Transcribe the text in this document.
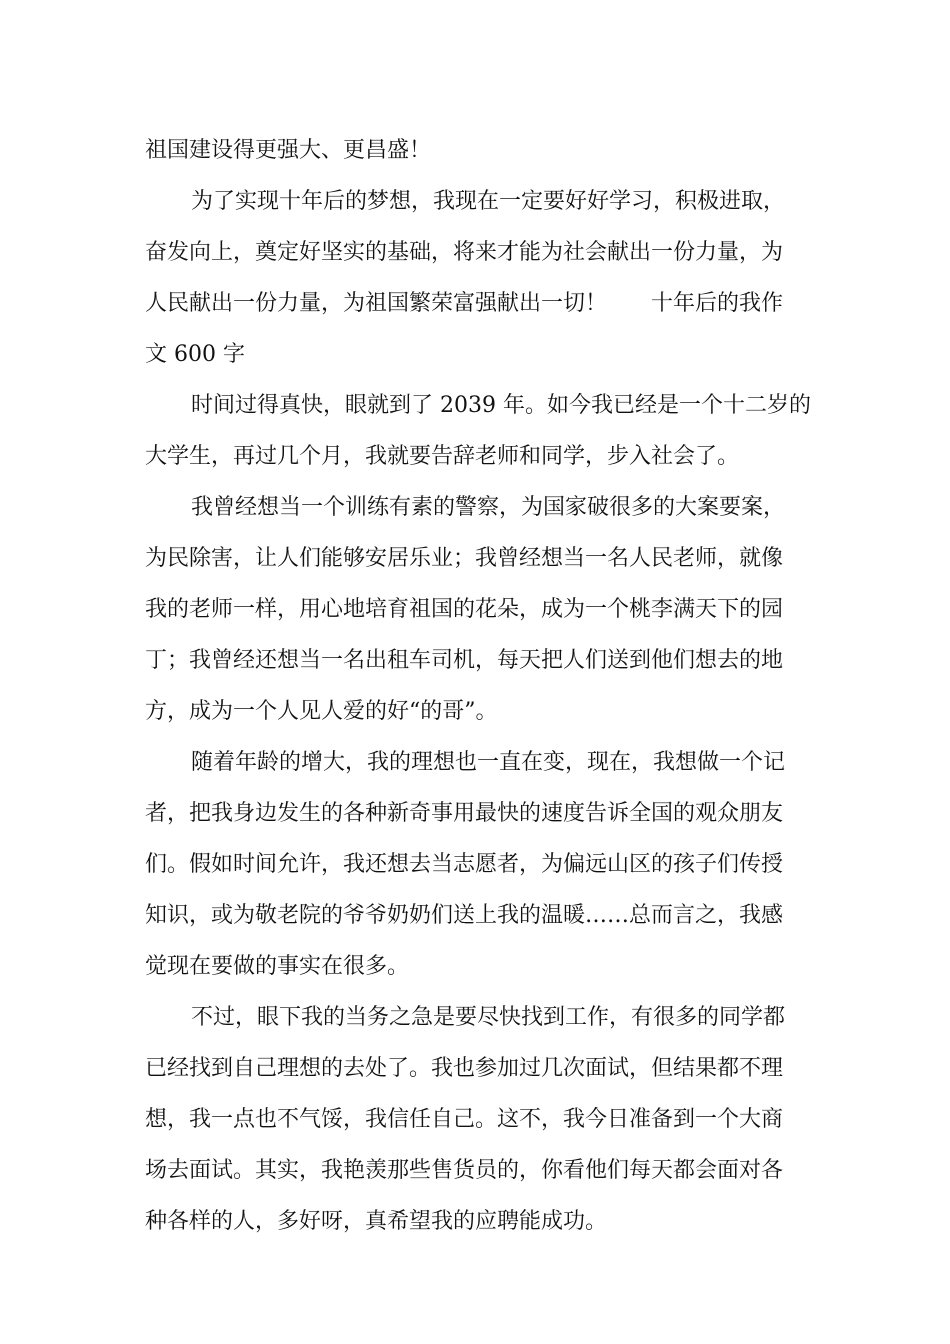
祖国建设得更强大、更昌盛！
为了实现十年后的梦想，我现在一定要好好学习，积极进取，
奋发向上，奠定好坚实的基础，将来才能为社会献出一份力量，为
人民献出一份力量，为祖国繁荣富强献出一切！　　十年后的我作
文 600 字
时间过得真快，眼就到了 2039 年。如今我已经是一个十二岁的
大学生，再过几个月，我就要告辞老师和同学，步入社会了。
我曾经想当一个训练有素的警察，为国家破很多的大案要案，
为民除害，让人们能够安居乐业；我曾经想当一名人民老师，就像
我的老师一样，用心地培育祖国的花朵，成为一个桃李满天下的园
丁；我曾经还想当一名出租车司机，每天把人们送到他们想去的地
方，成为一个人见人爱的好“的哥”。
随着年龄的增大，我的理想也一直在变，现在，我想做一个记
者，把我身边发生的各种新奇事用最快的速度告诉全国的观众朋友
们。假如时间允许，我还想去当志愿者，为偏远山区的孩子们传授
知识，或为敬老院的爷爷奶奶们送上我的温暖……总而言之，我感
觉现在要做的事实在很多。
不过，眼下我的当务之急是要尽快找到工作，有很多的同学都
已经找到自己理想的去处了。我也参加过几次面试，但结果都不理
想，我一点也不气馁，我信任自己。这不，我今日准备到一个大商
场去面试。其实，我艳羡那些售货员的，你看他们每天都会面对各
种各样的人，多好呀，真希望我的应聘能成功。
